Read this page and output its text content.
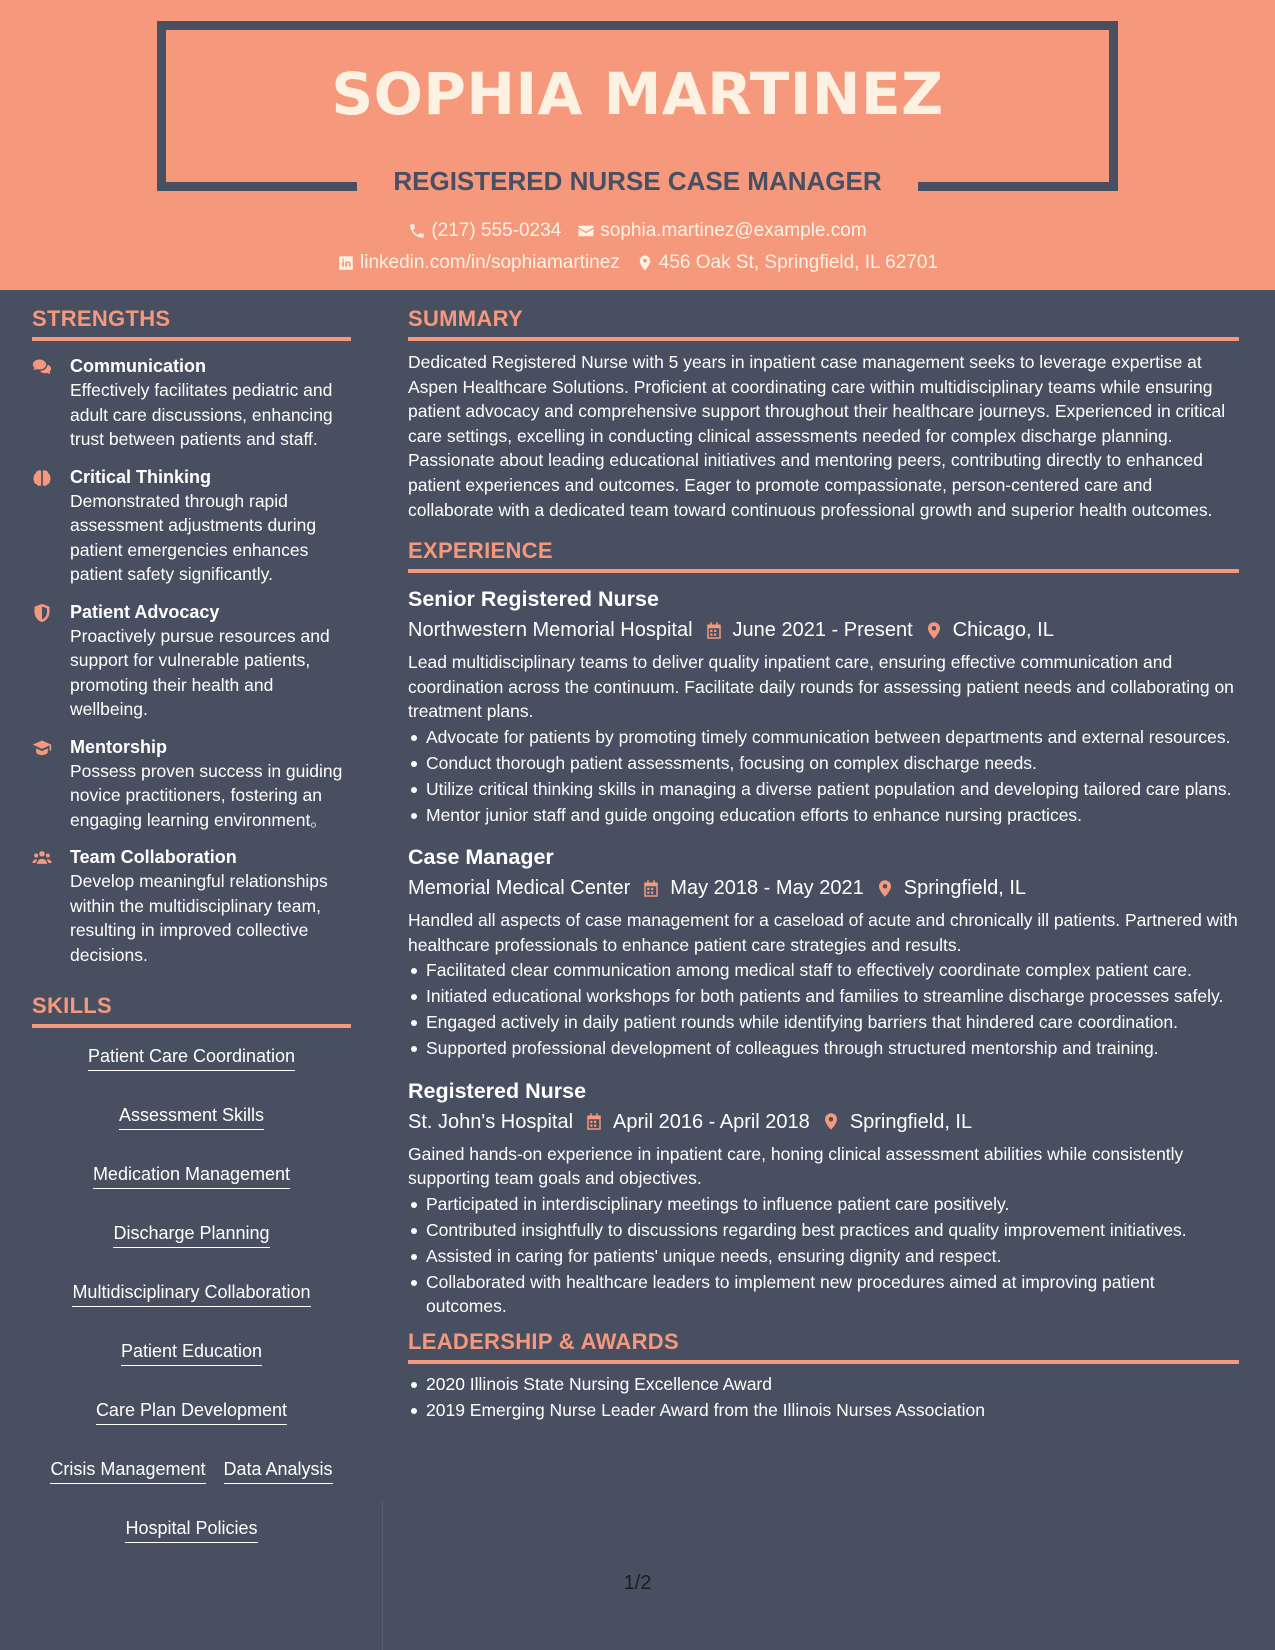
SOPHIA MARTINEZ
REGISTERED NURSE CASE MANAGER
(217) 555-0234 sophia.martinez@example.com
linkedin.com/in/sophiamartinez 456 Oak St, Springfield, IL 62701
STRENGTHS
Communication
Effectively facilitates pediatric and adult care discussions, enhancing trust between patients and staff.
Critical Thinking
Demonstrated through rapid assessment adjustments during patient emergencies enhances patient safety significantly.
Patient Advocacy
Proactively pursue resources and support for vulnerable patients, promoting their health and wellbeing.
Mentorship
Possess proven success in guiding novice practitioners, fostering an engaging learning environment。
Team Collaboration
Develop meaningful relationships within the multidisciplinary team, resulting in improved collective decisions.
SKILLS
Patient Care Coordination
Assessment Skills
Medication Management
Discharge Planning
Multidisciplinary Collaboration
Patient Education
Care Plan Development
Crisis Management Data Analysis
Hospital Policies
SUMMARY

Dedicated Registered Nurse with 5 years in inpatient case management seeks to leverage expertise at Aspen Healthcare Solutions. Proficient at coordinating care within multidisciplinary teams while ensuring patient advocacy and comprehensive support throughout their healthcare journeys. Experienced in critical care settings, excelling in conducting clinical assessments needed for complex discharge planning. Passionate about leading educational initiatives and mentoring peers, contributing directly to enhanced patient experiences and outcomes. Eager to promote compassionate, person-centered care and collaborate with a dedicated team toward continuous professional growth and superior health outcomes.

EXPERIENCE
Senior Registered Nurse
Northwestern Memorial Hospital June 2021 - Present Chicago, IL

Lead multidisciplinary teams to deliver quality inpatient care, ensuring effective communication and coordination across the continuum. Facilitate daily rounds for assessing patient needs and collaborating on treatment plans.

Advocate for patients by promoting timely communication between departments and external resources.
Conduct thorough patient assessments, focusing on complex discharge needs.
Utilize critical thinking skills in managing a diverse patient population and developing tailored care plans.
Mentor junior staff and guide ongoing education efforts to enhance nursing practices.
Case Manager
Memorial Medical Center May 2018 - May 2021 Springfield, IL

Handled all aspects of case management for a caseload of acute and chronically ill patients. Partnered with healthcare professionals to enhance patient care strategies and results.

Facilitated clear communication among medical staff to effectively coordinate complex patient care.
Initiated educational workshops for both patients and families to streamline discharge processes safely.
Engaged actively in daily patient rounds while identifying barriers that hindered care coordination.
Supported professional development of colleagues through structured mentorship and training.
Registered Nurse
St. John's Hospital April 2016 - April 2018 Springfield, IL

Gained hands-on experience in inpatient care, honing clinical assessment abilities while consistently supporting team goals and objectives.

Participated in interdisciplinary meetings to influence patient care positively.
Contributed insightfully to discussions regarding best practices and quality improvement initiatives.
Assisted in caring for patients' unique needs, ensuring dignity and respect.
Collaborated with healthcare leaders to implement new procedures aimed at improving patient outcomes.
LEADERSHIP & AWARDS
2020 Illinois State Nursing Excellence Award
2019 Emerging Nurse Leader Award from the Illinois Nurses Association
1/2
